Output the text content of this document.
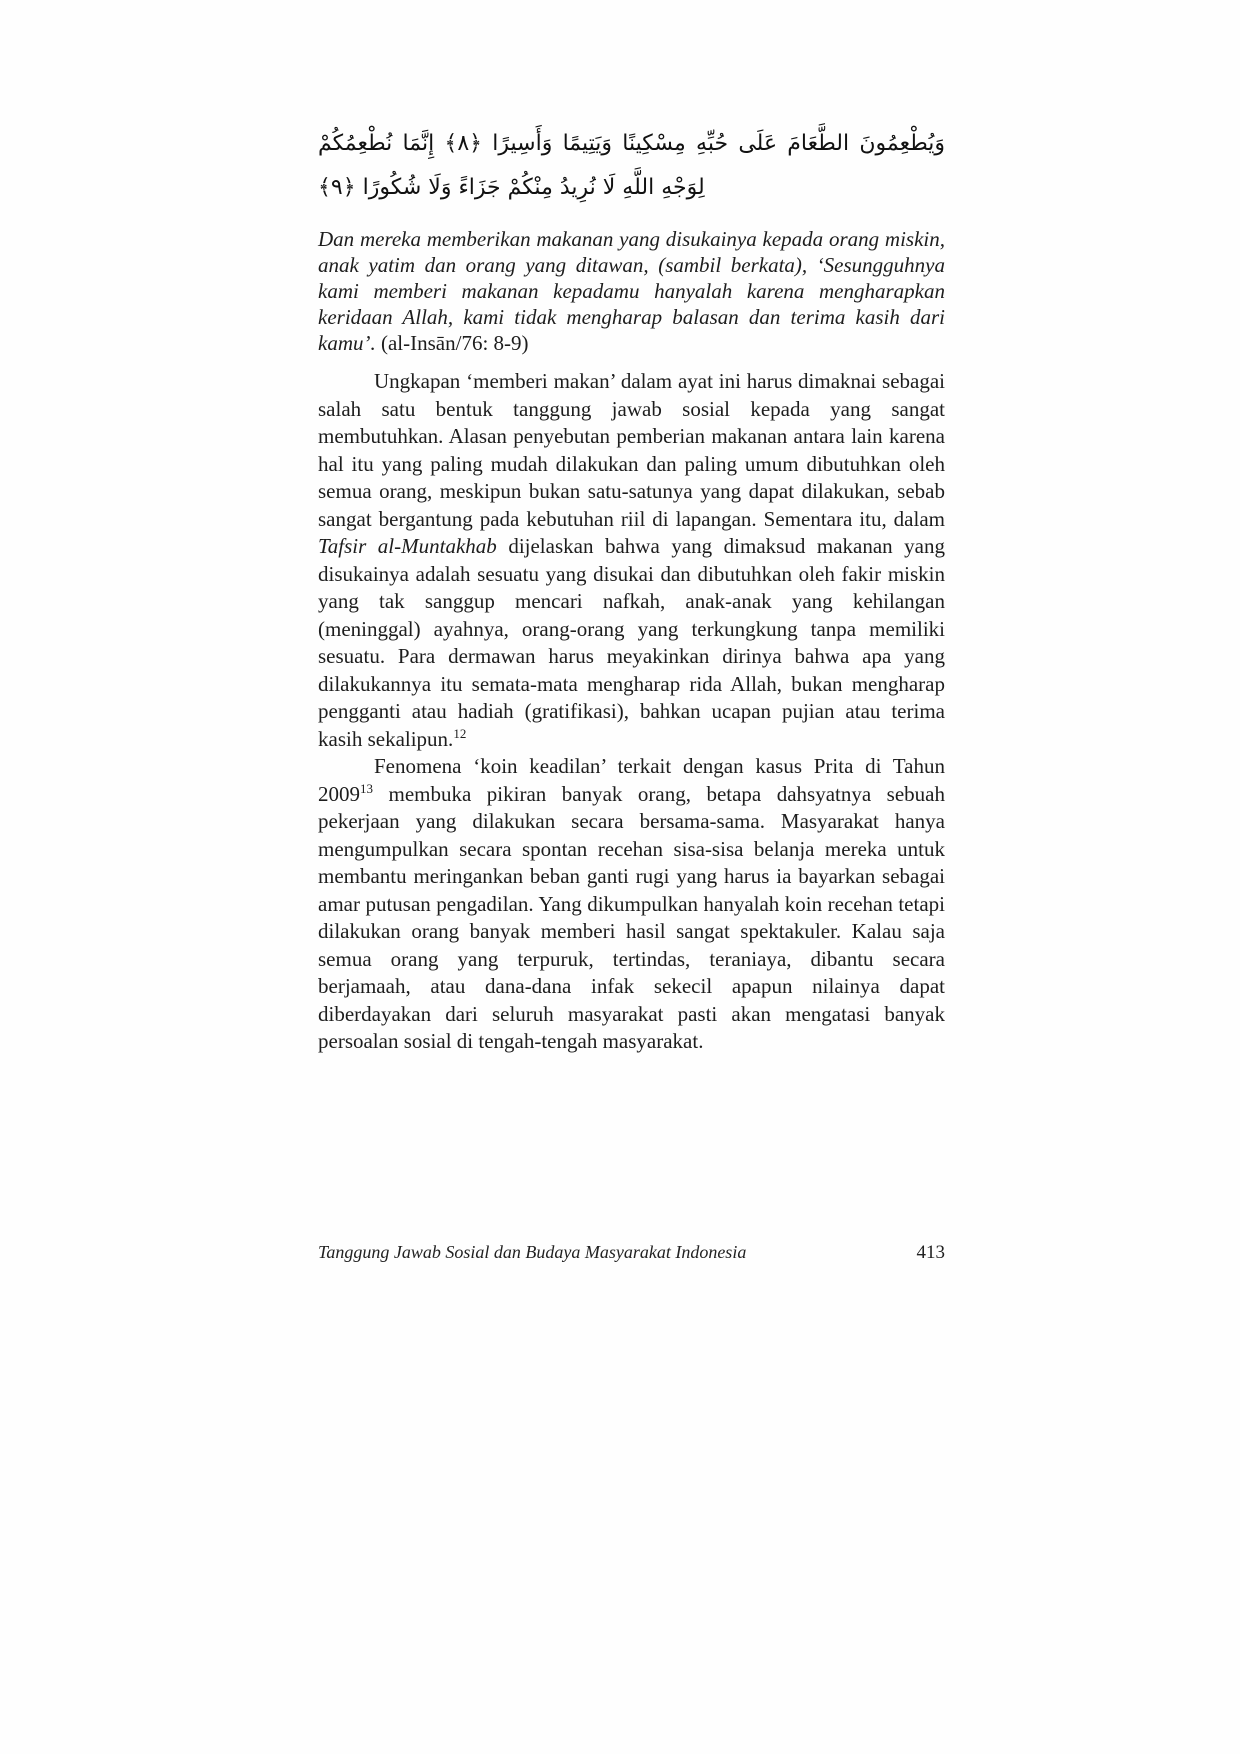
وَيُطْعِمُونَ الطَّعَامَ عَلَى حُبِّهِ مِسْكِينًا وَيَتِيمًا وَأَسِيرًا ﴿٨﴾ إِنَّمَا نُطْعِمُكُمْ لِوَجْهِ اللَّهِ لَا نُرِيدُ مِنْكُمْ جَزَاءً وَلَا شُكُورًا ﴿٩﴾

Dan mereka memberikan makanan yang disukainya kepada orang miskin, anak yatim dan orang yang ditawan, (sambil berkata), ‘Sesungguhnya kami memberi makanan kepadamu hanyalah karena mengharapkan keridaan Allah, kami tidak mengharap balasan dan terima kasih dari kamu’. (al-Insān/76: 8-9)

Ungkapan ‘memberi makan’ dalam ayat ini harus dimaknai sebagai salah satu bentuk tanggung jawab sosial kepada yang sangat membutuhkan. Alasan penyebutan pemberian makanan antara lain karena hal itu yang paling mudah dilakukan dan paling umum dibutuhkan oleh semua orang, meskipun bukan satu-satunya yang dapat dilakukan, sebab sangat bergantung pada kebutuhan riil di lapangan. Sementara itu, dalam Tafsir al-Muntakhab dijelaskan bahwa yang dimaksud makanan yang disukainya adalah sesuatu yang disukai dan dibutuhkan oleh fakir miskin yang tak sanggup mencari nafkah, anak-anak yang kehilangan (meninggal) ayahnya, orang-orang yang terkungkung tanpa memiliki sesuatu. Para dermawan harus meyakinkan dirinya bahwa apa yang dilakukannya itu semata-mata mengharap rida Allah, bukan mengharap pengganti atau hadiah (gratifikasi), bahkan ucapan pujian atau terima kasih sekalipun.$^{12}$

Fenomena ‘koin keadilan’ terkait dengan kasus Prita di Tahun 2009$^{13}$ membuka pikiran banyak orang, betapa dahsyatnya sebuah pekerjaan yang dilakukan secara bersama-sama. Masyarakat hanya mengumpulkan secara spontan recehan sisa-sisa belanja mereka untuk membantu meringankan beban ganti rugi yang harus ia bayarkan sebagai amar putusan pengadilan. Yang dikumpulkan hanyalah koin recehan tetapi dilakukan orang banyak memberi hasil sangat spektakuler. Kalau saja semua orang yang terpuruk, tertindas, teraniaya, dibantu secara berjamaah, atau dana-dana infak sekecil apapun nilainya dapat diberdayakan dari seluruh masyarakat pasti akan mengatasi banyak persoalan sosial di tengah-tengah masyarakat.

Tanggung Jawab Sosial dan Budaya Masyarakat Indonesia	413
